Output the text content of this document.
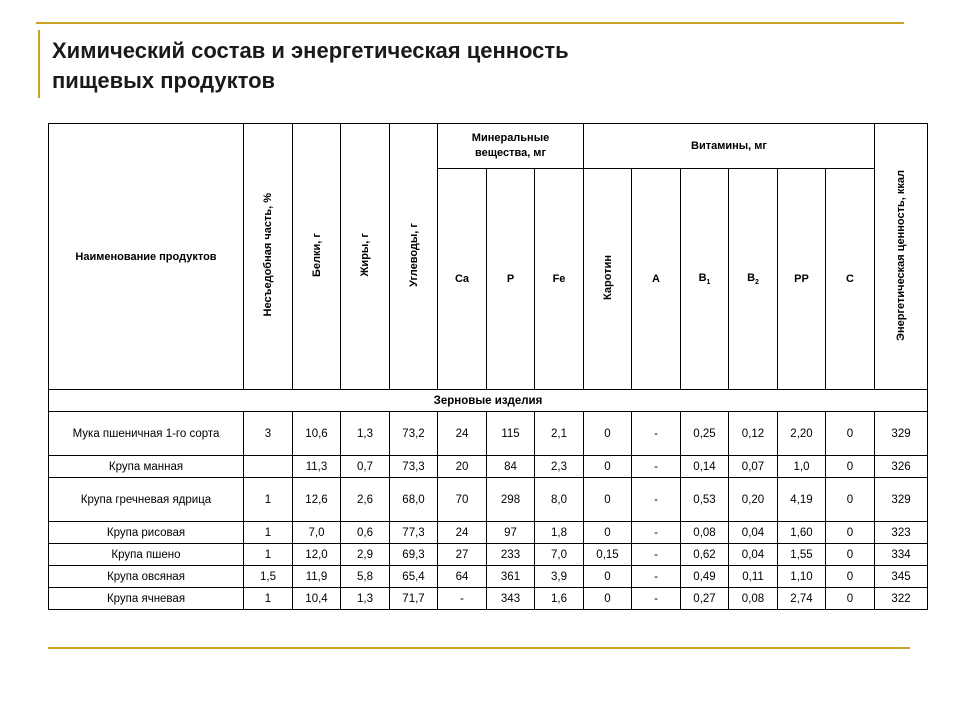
Химический состав и энергетическая ценность
пищевых продуктов
Наименование продуктов	Несъедобная часть, %	Белки, г	Жиры, г	Углеводы, г	Минеральные вещества, мг			Витамины, мг						Энергетическая ценность, ккал
					Ca	P	Fe	Каротин	А	$В_1$	$В_2$	РР	С	
Зерновые изделия														
Мука пшеничная 1-го сорта	3	10,6	1,3	73,2	24	115	2,1	0	-	0,25	0,12	2,20	0	329
Крупа манная		11,3	0,7	73,3	20	84	2,3	0	-	0,14	0,07	1,0	0	326
Крупа гречневая ядрица	1	12,6	2,6	68,0	70	298	8,0	0	-	0,53	0,20	4,19	0	329
Крупа рисовая	1	7,0	0,6	77,3	24	97	1,8	0	-	0,08	0,04	1,60	0	323
Крупа пшено	1	12,0	2,9	69,3	27	233	7,0	0,15	-	0,62	0,04	1,55	0	334
Крупа овсяная	1,5	11,9	5,8	65,4	64	361	3,9	0	-	0,49	0,11	1,10	0	345
Крупа ячневая	1	10,4	1,3	71,7	-	343	1,6	0	-	0,27	0,08	2,74	0	322
